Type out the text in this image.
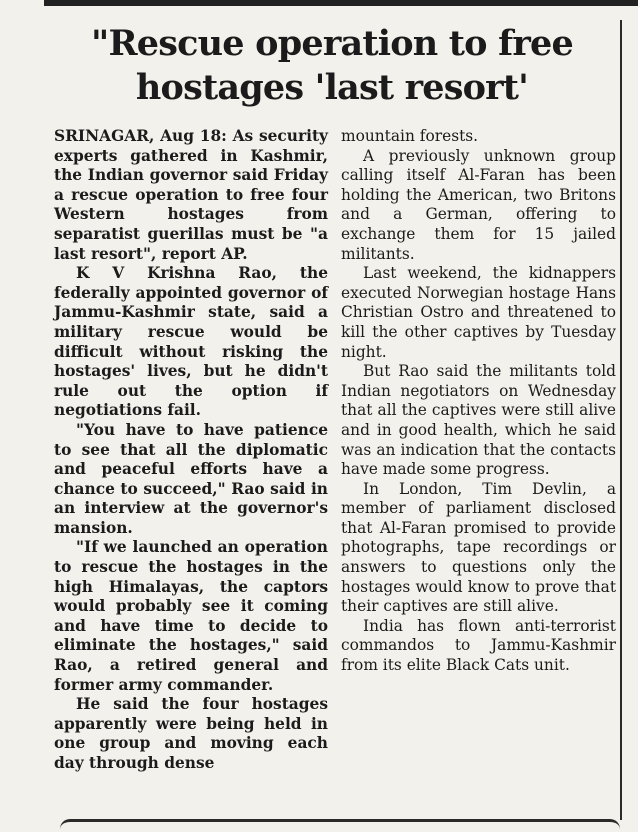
"Rescue operation to free hostages 'last resort'

SRINAGAR, Aug 18: As security experts gathered in Kashmir, the Indian governor said Friday a rescue operation to free four Western hostages from separatist guerillas must be "a last resort", report AP.

K V Krishna Rao, the federally appointed governor of Jammu-Kashmir state, said a military rescue would be difficult without risking the hostages' lives, but he didn't rule out the option if negotiations fail.

"You have to have patience to see that all the diplomatic and peaceful efforts have a chance to succeed," Rao said in an interview at the governor's mansion.

"If we launched an operation to rescue the hostages in the high Himalayas, the captors would probably see it coming and have time to decide to eliminate the hostages," said Rao, a retired general and former army commander.

He said the four hostages apparently were being held in one group and moving each day through dense

mountain forests.

A previously unknown group calling itself Al-Faran has been holding the American, two Britons and a German, offering to exchange them for 15 jailed militants.

Last weekend, the kidnappers executed Norwegian hostage Hans Christian Ostro and threatened to kill the other captives by Tuesday night.

But Rao said the militants told Indian negotiators on Wednesday that all the captives were still alive and in good health, which he said was an indication that the contacts have made some progress.

In London, Tim Devlin, a member of parliament disclosed that Al-Faran promised to provide photographs, tape recordings or answers to questions only the hostages would know to prove that their captives are still alive.

India has flown anti-terrorist commandos to Jammu-Kashmir from its elite Black Cats unit.
